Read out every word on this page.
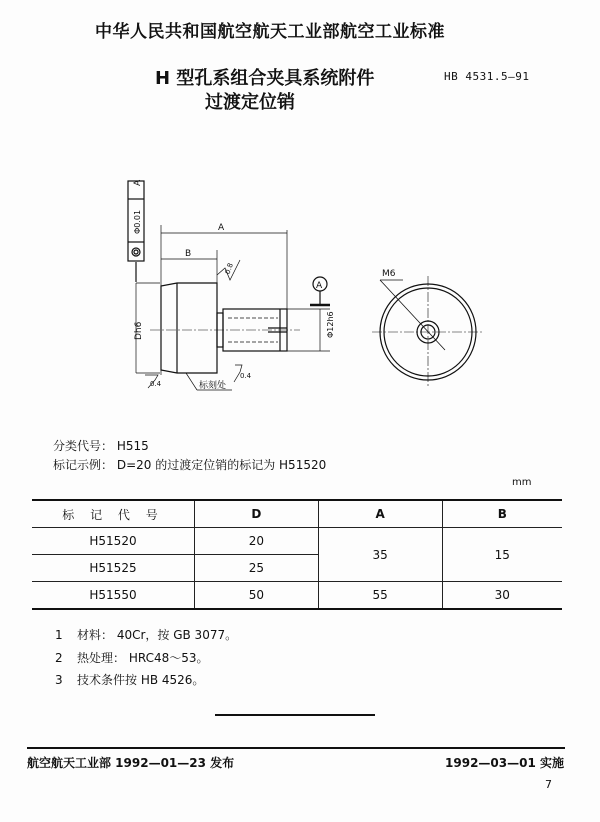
中华人民共和国航空航天工业部航空工业标准
H 型孔系组合夹具系统附件
过渡定位销
HB 4531.5—91
A
Φ0.01	A
B
Dh6	Φ12h6
A
0.8
0.4
0.4	标刻处
M6
分类代号： H515
标记示例： D=20 的过渡定位销的标记为 H51520
mm
标 记 代 号	D	A	B
H51520	20	35	15
H51525	25		
H51550	50	55	30
1 材料： 40Cr，按 GB 3077。
2 热处理： HRC48～53。
3 技术条件按 HB 4526。
航空航天工业部 1992—01—23 发布	1992—03—01 实施
7
